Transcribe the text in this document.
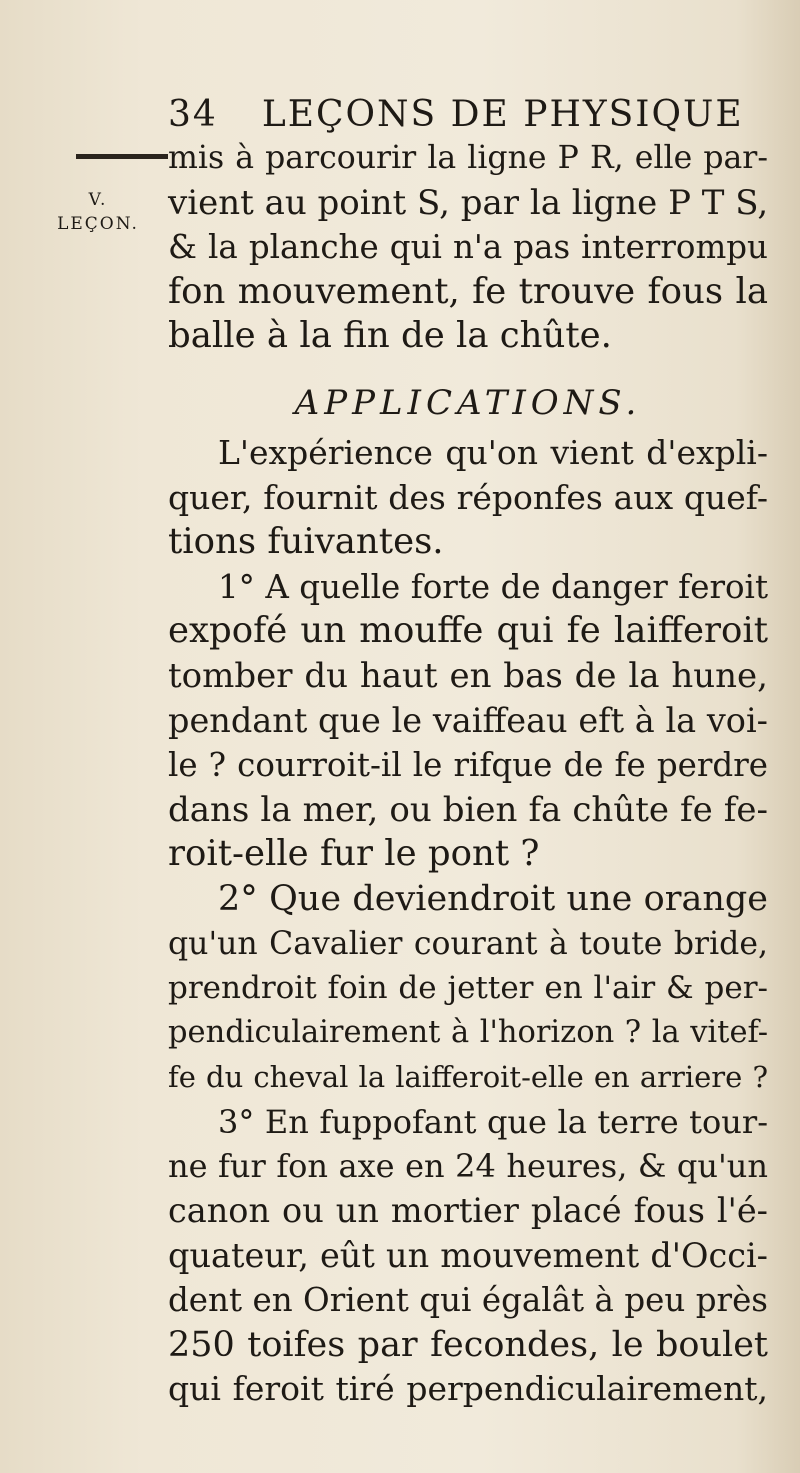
34 LEÇONS DE PHYSIQUE
V.
LEÇON.
mis à parcourir la ligne P R, elle par-
vient au point S, par la ligne P T S,
& la planche qui n'a pas interrompu
fon mouvement, fe trouve fous la
balle à la fin de la chûte.
APPLICATIONS.
L'expérience qu'on vient d'expli-
quer, fournit des réponfes aux quef-
tions fuivantes.
1° A quelle forte de danger feroit
expofé un mouffe qui fe laifferoit
tomber du haut en bas de la hune,
pendant que le vaiffeau eft à la voi-
le ? courroit-il le rifque de fe perdre
dans la mer, ou bien fa chûte fe fe-
roit-elle fur le pont ?
2° Que deviendroit une orange
qu'un Cavalier courant à toute bride,
prendroit foin de jetter en l'air & per-
pendiculairement à l'horizon ? la vitef-
fe du cheval la laifferoit-elle en arriere ?
3° En fuppofant que la terre tour-
ne fur fon axe en 24 heures, & qu'un
canon ou un mortier placé fous l'é-
quateur, eût un mouvement d'Occi-
dent en Orient qui égalât à peu près
250 toifes par fecondes, le boulet
qui feroit tiré perpendiculairement,
